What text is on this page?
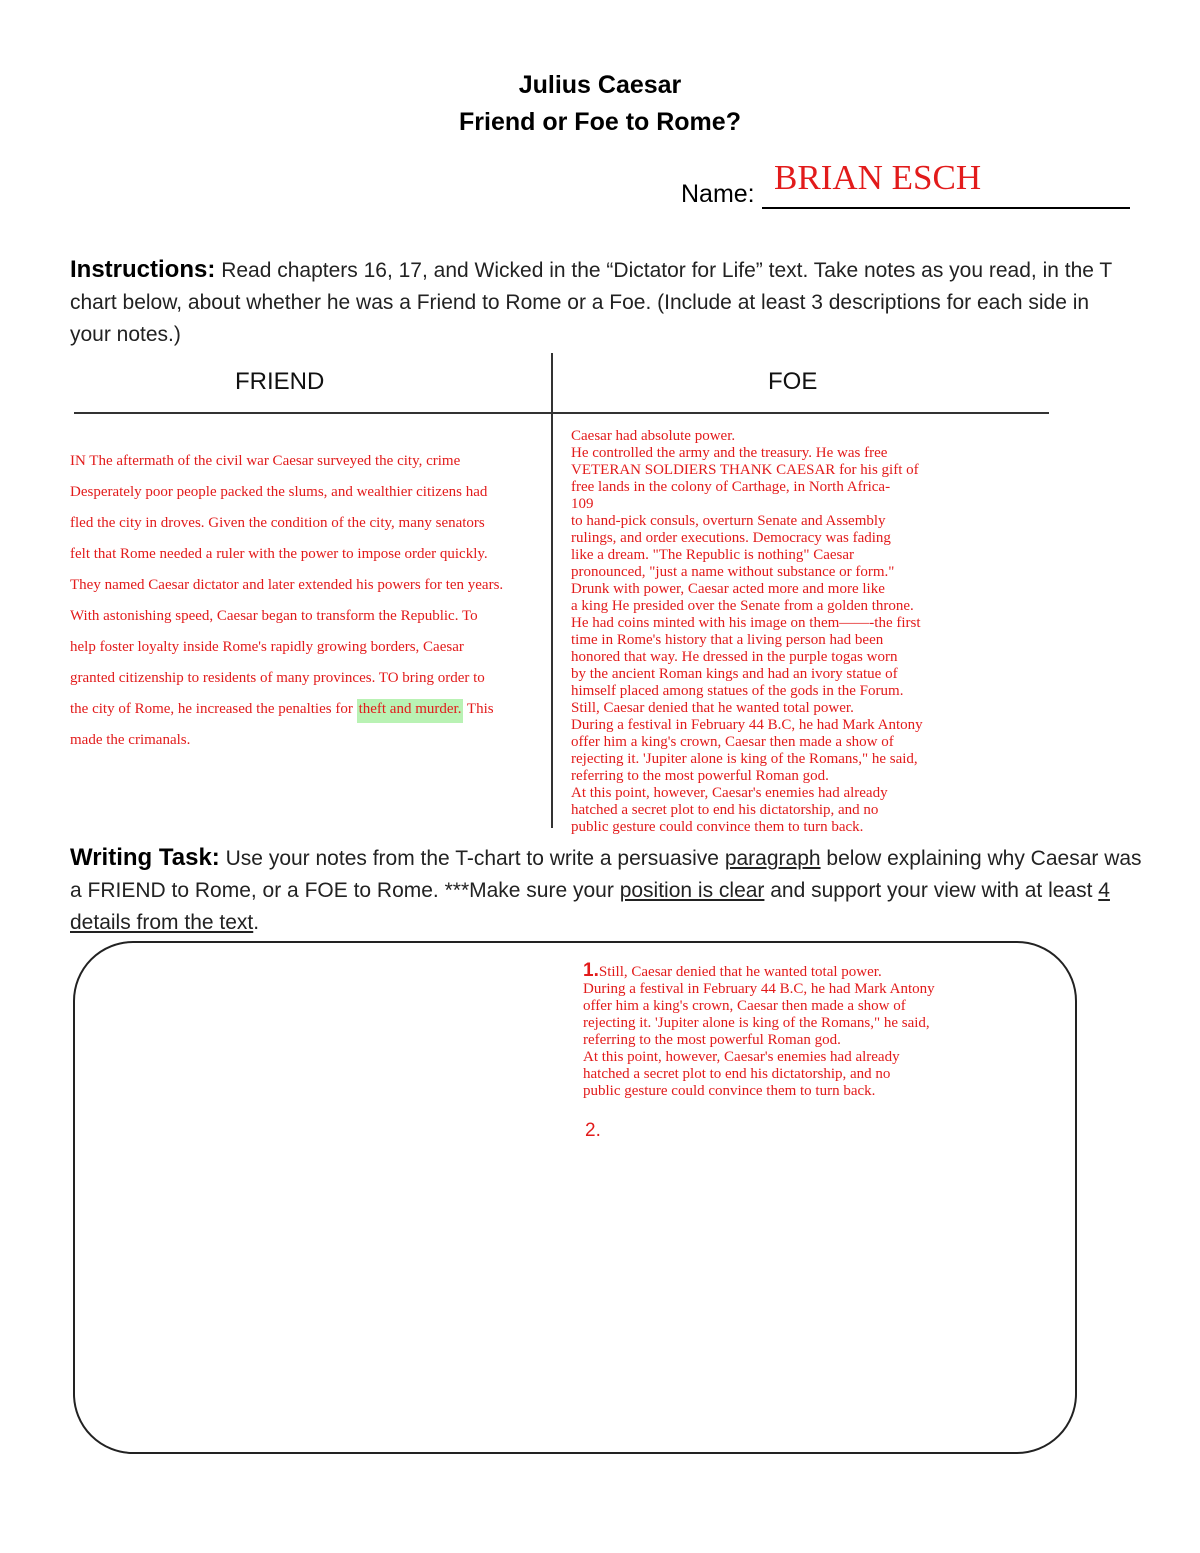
Julius Caesar
Friend or Foe to Rome?
Name: BRIAN ESCH
Instructions: Read chapters 16, 17, and Wicked in the “Dictator for Life” text. Take notes as you read, in the T chart below, about whether he was a Friend to Rome or a Foe. (Include at least 3 descriptions for each side in your notes.)
FRIEND	FOE
IN The aftermath of the civil war Caesar surveyed the city, crime Desperately poor people packed the slums, and wealthier citizens had fled the city in droves. Given the condition of the city, many senators felt that Rome needed a ruler with the power to impose order quickly. They named Caesar dictator and later extended his powers for ten years. With astonishing speed, Caesar began to transform the Republic. To help foster loyalty inside Rome's rapidly growing borders, Caesar granted citizenship to residents of many provinces. TO bring order to the city of Rome, he increased the penalties for theft and murder. This made the crimanals.
Caesar had absolute power.
He controlled the army and the treasury. He was free
VETERAN SOLDIERS THANK CAESAR for his gift of
free lands in the colony of Carthage, in North Africa-
109
to hand-pick consuls, overturn Senate and Assembly
rulings, and order executions. Democracy was fading
like a dream. "The Republic is nothing" Caesar
pronounced, "just a name without substance or form."
Drunk with power, Caesar acted more and more like
a king He presided over the Senate from a golden throne.
He had coins minted with his image on them——-the first
time in Rome's history that a living person had been
honored that way. He dressed in the purple togas worn
by the ancient Roman kings and had an ivory statue of
himself placed among statues of the gods in the Forum.
Still, Caesar denied that he wanted total power.
During a festival in February 44 B.C, he had Mark Antony
offer him a king's crown, Caesar then made a show of
rejecting it. 'Jupiter alone is king of the Romans," he said,
referring to the most powerful Roman god.
At this point, however, Caesar's enemies had already
hatched a secret plot to end his dictatorship, and no
public gesture could convince them to turn back.
Writing Task: Use your notes from the T-chart to write a persuasive paragraph below explaining why Caesar was a FRIEND to Rome, or a FOE to Rome. ***Make sure your position is clear and support your view with at least 4 details from the text.
1.Still, Caesar denied that he wanted total power.
During a festival in February 44 B.C, he had Mark Antony
offer him a king's crown, Caesar then made a show of
rejecting it. 'Jupiter alone is king of the Romans," he said,
referring to the most powerful Roman god.
At this point, however, Caesar's enemies had already
hatched a secret plot to end his dictatorship, and no
public gesture could convince them to turn back.
2.
